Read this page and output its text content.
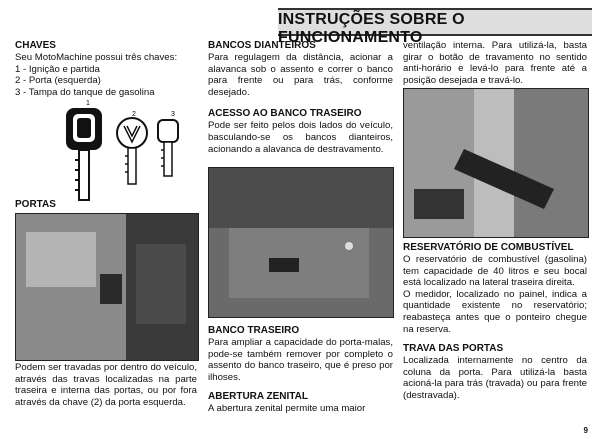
INSTRUÇÕES SOBRE O FUNCIONAMENTO
CHAVES
Seu MotoMachine possui três chaves:
1 - Ignição e partida
2 - Porta (esquerda)
3 - Tampa do tanque de gasolina
1
2	3
PORTAS

Podem ser travadas por dentro do veículo, através das travas localizadas na parte traseira e interna das portas, ou por fora através da chave (2) da porta esquerda.

BANCOS DIANTEIROS

Para regulagem da distância, acionar a alavanca sob o assento e correr o banco para frente ou para trás, conforme desejado.

ACESSO AO BANCO TRASEIRO

Pode ser feito pelos dois lados do veículo, basculando-se os bancos dianteiros, acionando a alavanca de destravamento.

BANCO TRASEIRO

Para ampliar a capacidade do porta-malas, pode-se também remover por completo o assento do banco traseiro, que é preso por ilhoses.

ABERTURA ZENITAL

A abertura zenital permite uma maior

ventilação interna. Para utilizá-la, basta girar o botão de travamento no sentido anti-horário e levá-lo para frente até a posição desejada e travá-lo.

RESERVATÓRIO DE COMBUSTÍVEL

O reservatório de combustível (gasolina) tem capacidade de 40 litros e seu bocal está localizado na lateral traseira direita.

O medidor, localizado no painel, indica a quantidade existente no reservatório; reabasteça antes que o ponteiro chegue na reserva.

TRAVA DAS PORTAS

Localizada internamente no centro da coluna da porta. Para utilizá-la basta acioná-la para trás (travada) ou para frente (destravada).

9
